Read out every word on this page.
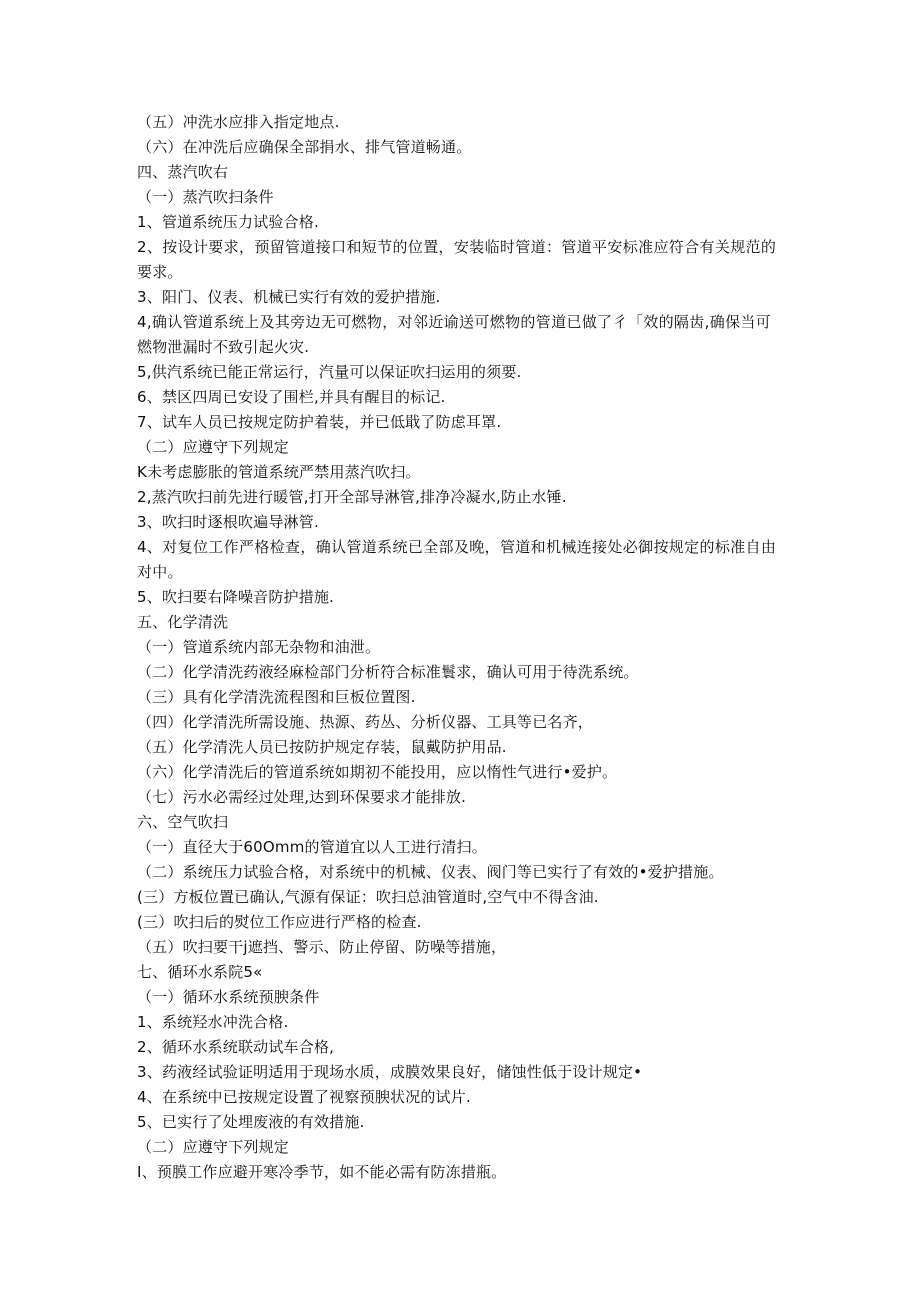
（五）冲洗水应排入指定地点.
（六）在冲洗后应确保全部捐水、排气管道畅通。
四、蒸汽吹右
（一）蒸汽吹扫条件
1、管道系统压力试验合格.
2、按设计要求，预留管道接口和短节的位置，安装临时管道：管道平安标准应符合有关规范的
要求。
3、阳门、仪表、机械已实行有效的爱护措施.
4,确认管道系统上及其旁边无可燃物，对邻近谕送可燃物的管道已做了彳「效的隔齿,确保当可
燃物泄漏时不致引起火灾.
5,供汽系统已能正常运行，汽量可以保证吹扫运用的须要.
6、禁区四周已安设了围栏,并具有醒目的标记.
7、试车人员已按规定防护着装，并已低戢了防虑耳罩.
（二）应遵守下列规定
K未考虑膨胀的管道系统严禁用蒸汽吹扫。
2,蒸汽吹扫前先进行暖管,打开全部导淋管,排净冷凝水,防止水锤.
3、吹扫时逐根吹遍导淋管.
4、对复位工作严格检查，确认管道系统已全部及晚，管道和机械连接处必御按规定的标准自由
对中。
5、吹扫要右降噪音防护措施.
五、化学清洗
（一）管道系统内部无杂物和油泄。
（二）化学清洗药液经麻检部门分析符合标准鬟求，确认可用于待洗系统。
（三）具有化学清洗流程图和巨板位置图.
（四）化学清洗所需设施、热源、药丛、分析仪器、工具等已名齐，
（五）化学清洗人员已按防护规定存装，鼠戴防护用品.
（六）化学清洗后的管道系统如期初不能投用，应以惰性气进行•爱护。
（七）污水必需经过处理,达到环保要求才能排放.
六、空气吹扫
（一）直径大于60Omm的管道宜以人工进行清扫。
（二）系统压力试验合格，对系统中的机械、仪表、阀门等已实行了有效的•爱护措施。
(三）方板位置已确认,气源有保证：吹扫总油管道时,空气中不得含油.
(三）吹扫后的熨位工作应进行严格的检查.
（五）吹扫要干j遮挡、警示、防止停留、防噪等措施，
七、循环水系院5«
（一）循环水系统预腴条件
1、系统羟水冲洗合格.
2、循环水系统联动试车合格,
3、药液经试验证明适用于现场水质，成膜效果良好，储蚀性低于设计规定•
4、在系统中已按规定设置了视察预腴状况的试片.
5、已实行了处埋废液的有效措施.
（二）应遵守下列规定
I、预膜工作应避开寒冷季节，如不能必需有防冻措瓶。
